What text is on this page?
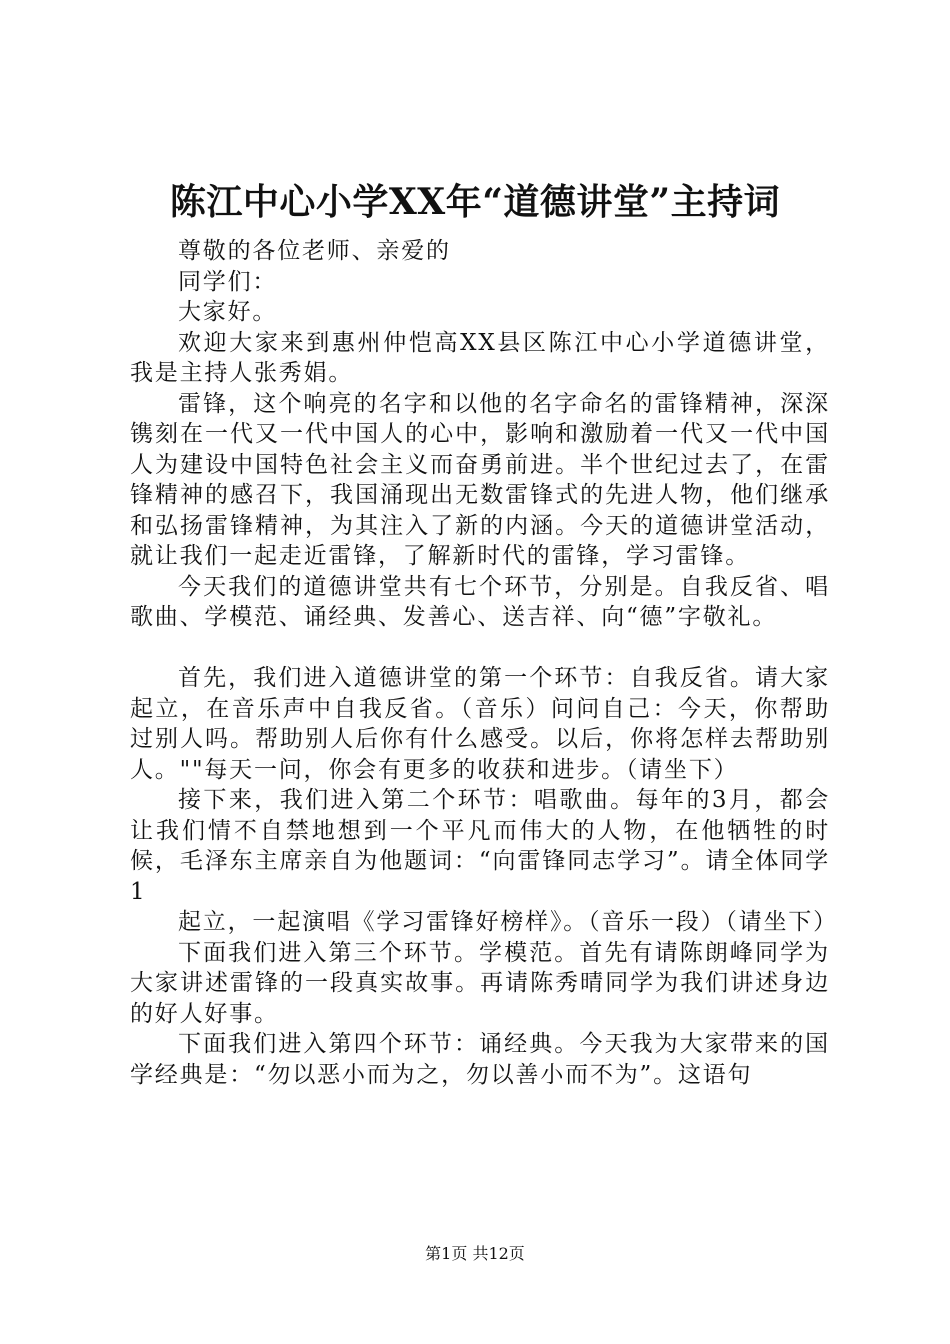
陈江中心小学XX年“道德讲堂”主持词

尊敬的各位老师、亲爱的

同学们：

大家好。

欢迎大家来到惠州仲恺高XX县区陈江中心小学道德讲堂，我是主持人张秀娟。

雷锋，这个响亮的名字和以他的名字命名的雷锋精神，深深镌刻在一代又一代中国人的心中，影响和激励着一代又一代中国人为建设中国特色社会主义而奋勇前进。半个世纪过去了，在雷锋精神的感召下，我国涌现出无数雷锋式的先进人物，他们继承和弘扬雷锋精神，为其注入了新的内涵。今天的道德讲堂活动，就让我们一起走近雷锋，了解新时代的雷锋，学习雷锋。

今天我们的道德讲堂共有七个环节，分别是。自我反省、唱歌曲、学模范、诵经典、发善心、送吉祥、向“德”字敬礼。

首先，我们进入道德讲堂的第一个环节：自我反省。请大家起立，在音乐声中自我反省。（音乐）问问自己：今天，你帮助过别人吗。帮助别人后你有什么感受。以后，你将怎样去帮助别人。""每天一问，你会有更多的收获和进步。（请坐下）

接下来，我们进入第二个环节：唱歌曲。每年的3月，都会让我们情不自禁地想到一个平凡而伟大的人物，在他牺牲的时候，毛泽东主席亲自为他题词：“向雷锋同志学习”。请全体同学1

起立，一起演唱《学习雷锋好榜样》。（音乐一段）（请坐下）

下面我们进入第三个环节。学模范。首先有请陈朗峰同学为大家讲述雷锋的一段真实故事。再请陈秀晴同学为我们讲述身边的好人好事。

下面我们进入第四个环节：诵经典。今天我为大家带来的国学经典是：“勿以恶小而为之，勿以善小而不为”。这语句

第1页 共12页
